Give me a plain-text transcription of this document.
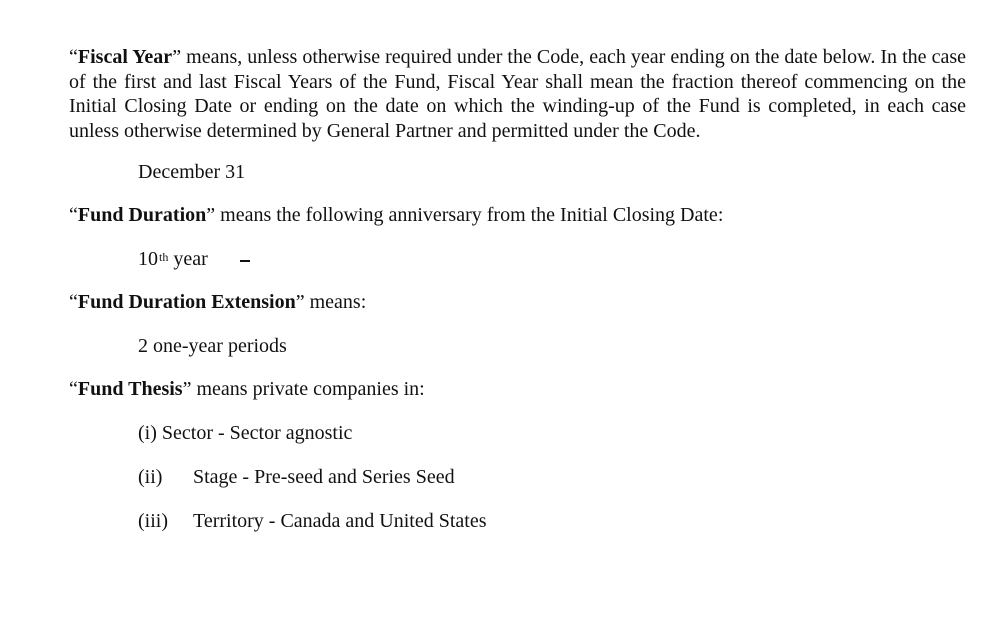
“Fiscal Year” means, unless otherwise required under the Code, each year ending on the date below. In the case of the first and last Fiscal Years of the Fund, Fiscal Year shall mean the fraction thereof commencing on the Initial Closing Date or ending on the date on which the winding-up of the Fund is completed, in each case unless otherwise determined by General Partner and permitted under the Code.

December 31

“Fund Duration” means the following anniversary from the Initial Closing Date:

10th year

“Fund Duration Extension” means:

2 one-year periods

“Fund Thesis” means private companies in:

(i) Sector - Sector agnostic

(ii) Stage - Pre-seed and Series Seed

(iii) Territory - Canada and United States
